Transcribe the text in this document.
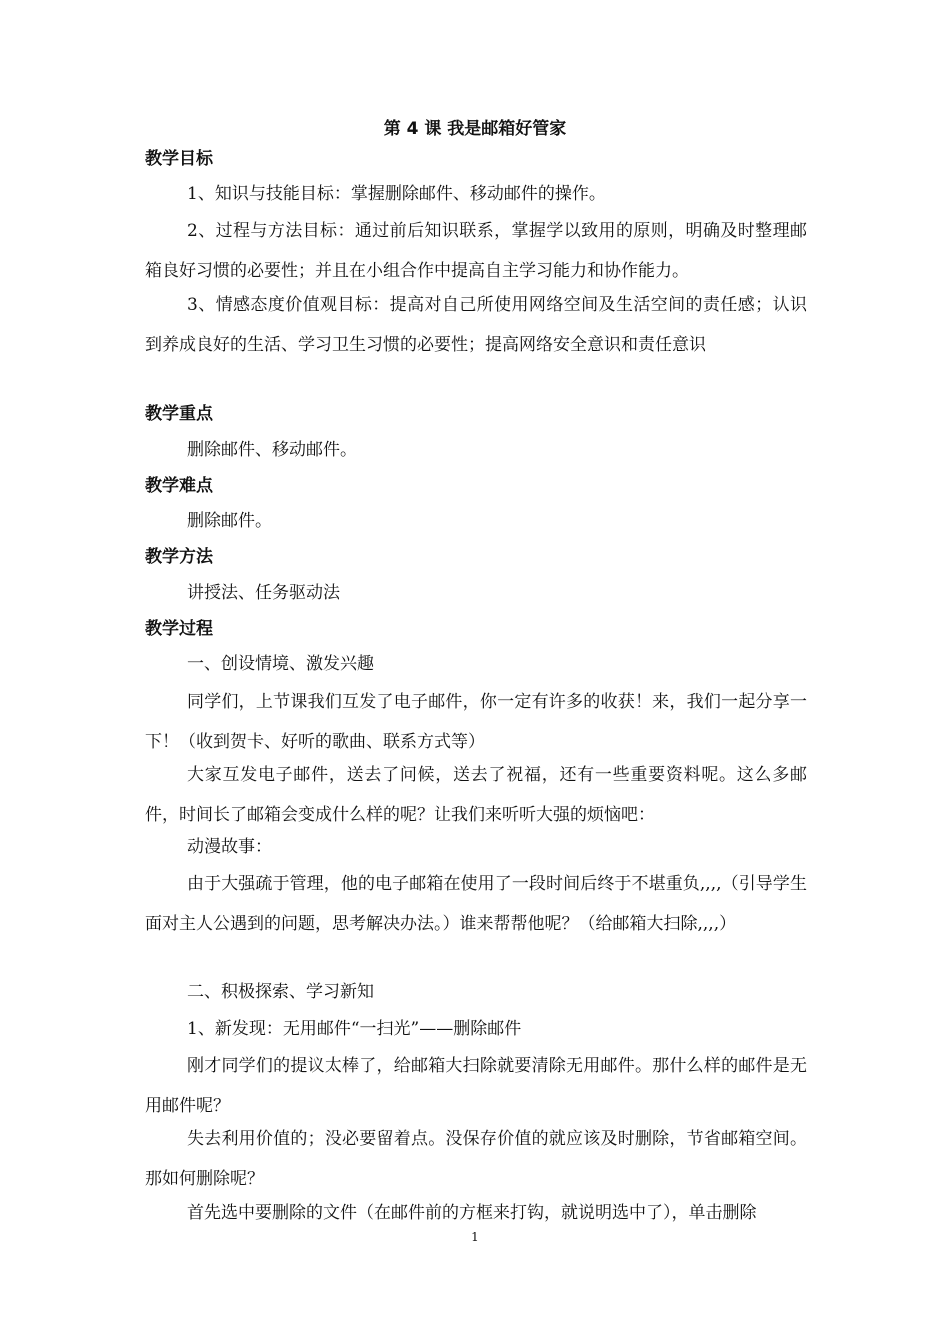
第 4 课 我是邮箱好管家
教学目标

1、知识与技能目标：掌握删除邮件、移动邮件的操作。

2、过程与方法目标：通过前后知识联系，掌握学以致用的原则，明确及时整理邮箱良好习惯的必要性；并且在小组合作中提高自主学习能力和协作能力。

3、情感态度价值观目标：提高对自己所使用网络空间及生活空间的责任感；认识到养成良好的生活、学习卫生习惯的必要性；提高网络安全意识和责任意识

教学重点

删除邮件、移动邮件。

教学难点

删除邮件。

教学方法

讲授法、任务驱动法

教学过程

一、创设情境、激发兴趣

同学们，上节课我们互发了电子邮件，你一定有许多的收获！来，我们一起分享一下！（收到贺卡、好听的歌曲、联系方式等）

大家互发电子邮件，送去了问候，送去了祝福，还有一些重要资料呢。这么多邮件，时间长了邮箱会变成什么样的呢？让我们来听听大强的烦恼吧：

动漫故事：

由于大强疏于管理，他的电子邮箱在使用了一段时间后终于不堪重负,,,,（引导学生面对主人公遇到的问题，思考解决办法。）谁来帮帮他呢？（给邮箱大扫除,,,,）

二、积极探索、学习新知

1、新发现：无用邮件“一扫光”——删除邮件

刚才同学们的提议太棒了，给邮箱大扫除就要清除无用邮件。那什么样的邮件是无用邮件呢？

失去利用价值的；没必要留着点。没保存价值的就应该及时删除，节省邮箱空间。那如何删除呢？

首先选中要删除的文件（在邮件前的方框来打钩，就说明选中了），单击删除

1
